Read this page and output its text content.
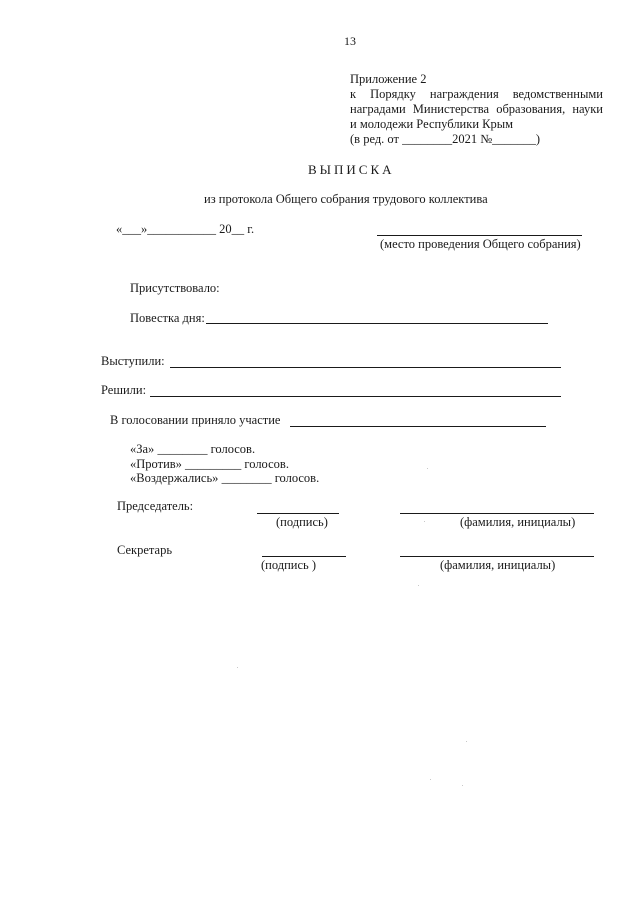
13
Приложение 2
к Порядку награждения ведомственными
наградами Министерства образования, науки
и молодежи Республики Крым
(в ред. от ________2021 №_______)
ВЫПИСКА
из протокола Общего собрания трудового коллектива
«___»___________ 20__ г.
(место проведения Общего собрания)
Присутствовало:
Повестка дня:
Выступили:
Решили:
В голосовании приняло участие
«За» ________ голосов.
«Против» _________ голосов.
«Воздержались» ________ голосов.
Председатель:
(подпись)	(фамилия, инициалы)
Секретарь
(подпись )	(фамилия, инициалы)
